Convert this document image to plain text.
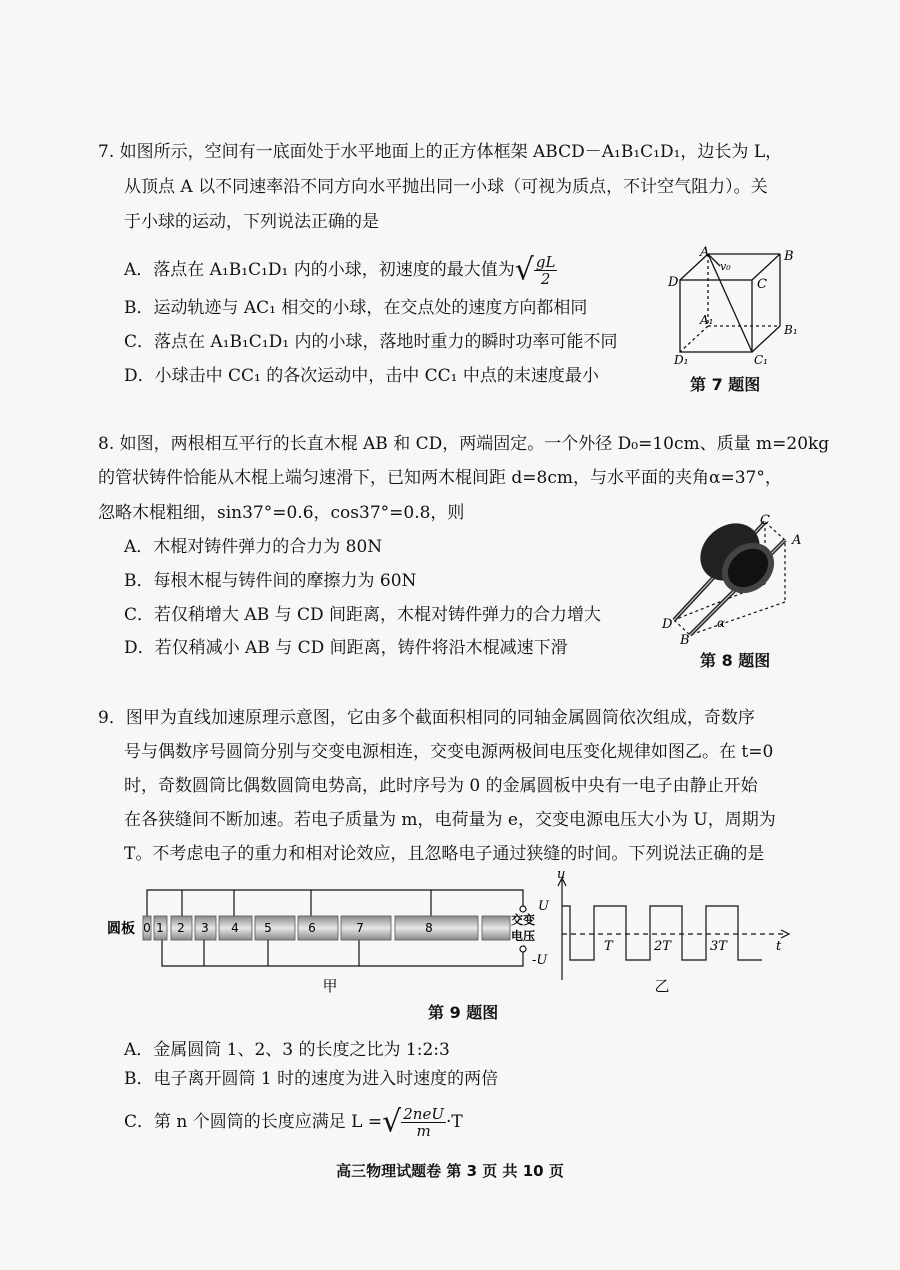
7. 如图所示，空间有一底面处于水平地面上的正方体框架 ABCD－A₁B₁C₁D₁，边长为 L，
从顶点 A 以不同速率沿不同方向水平抛出同一小球（可视为质点，不计空气阻力）。关
于小球的运动，下列说法正确的是
A．落点在 A₁B₁C₁D₁ 内的小球，初速度的最大值为√ $\frac{gL}{2}$
B．运动轨迹与 AC₁ 相交的小球，在交点处的速度方向都相同
C．落点在 A₁B₁C₁D₁ 内的小球，落地时重力的瞬时功率可能不同
D．小球击中 CC₁ 的各次运动中，击中 CC₁ 中点的末速度最小
A	B
C
D
A₁
B₁
C₁
D₁
v₀
第 7 题图
8. 如图，两根相互平行的长直木棍 AB 和 CD，两端固定。一个外径 D₀=10cm、质量 m=20kg
的管状铸件恰能从木棍上端匀速滑下，已知两木棍间距 d=8cm，与水平面的夹角α=37°，
忽略木棍粗细，sin37°=0.6，cos37°=0.8，则
A．木棍对铸件弹力的合力为 80N
B．每根木棍与铸件间的摩擦力为 60N
C．若仅稍增大 AB 与 CD 间距离，木棍对铸件弹力的合力增大
D．若仅稍减小 AB 与 CD 间距离，铸件将沿木棍减速下滑
C
A
D
B
α
第 8 题图
9．图甲为直线加速原理示意图，它由多个截面积相同的同轴金属圆筒依次组成，奇数序
号与偶数序号圆筒分别与交变电源相连，交变电源两极间电压变化规律如图乙。在 t=0
时，奇数圆筒比偶数圆筒电势高，此时序号为 0 的金属圆板中央有一电子由静止开始
在各狭缝间不断加速。若电子质量为 m，电荷量为 e，交变电源电压大小为 U，周期为
T。不考虑电子的重力和相对论效应，且忽略电子通过狭缝的时间。下列说法正确的是
圆板 0 1 2 3 4 5	6	7	8
交变
电压
甲
u
U
-U
T	2T	3T	t
乙
第 9 题图
A．金属圆筒 1、2、3 的长度之比为 1:2:3
B．电子离开圆筒 1 时的速度为进入时速度的两倍
C．第 n 个圆筒的长度应满足 L =√ $\frac{\text{2neU}}{m} \cdot T$
高三物理试题卷 第 3 页 共 10 页
